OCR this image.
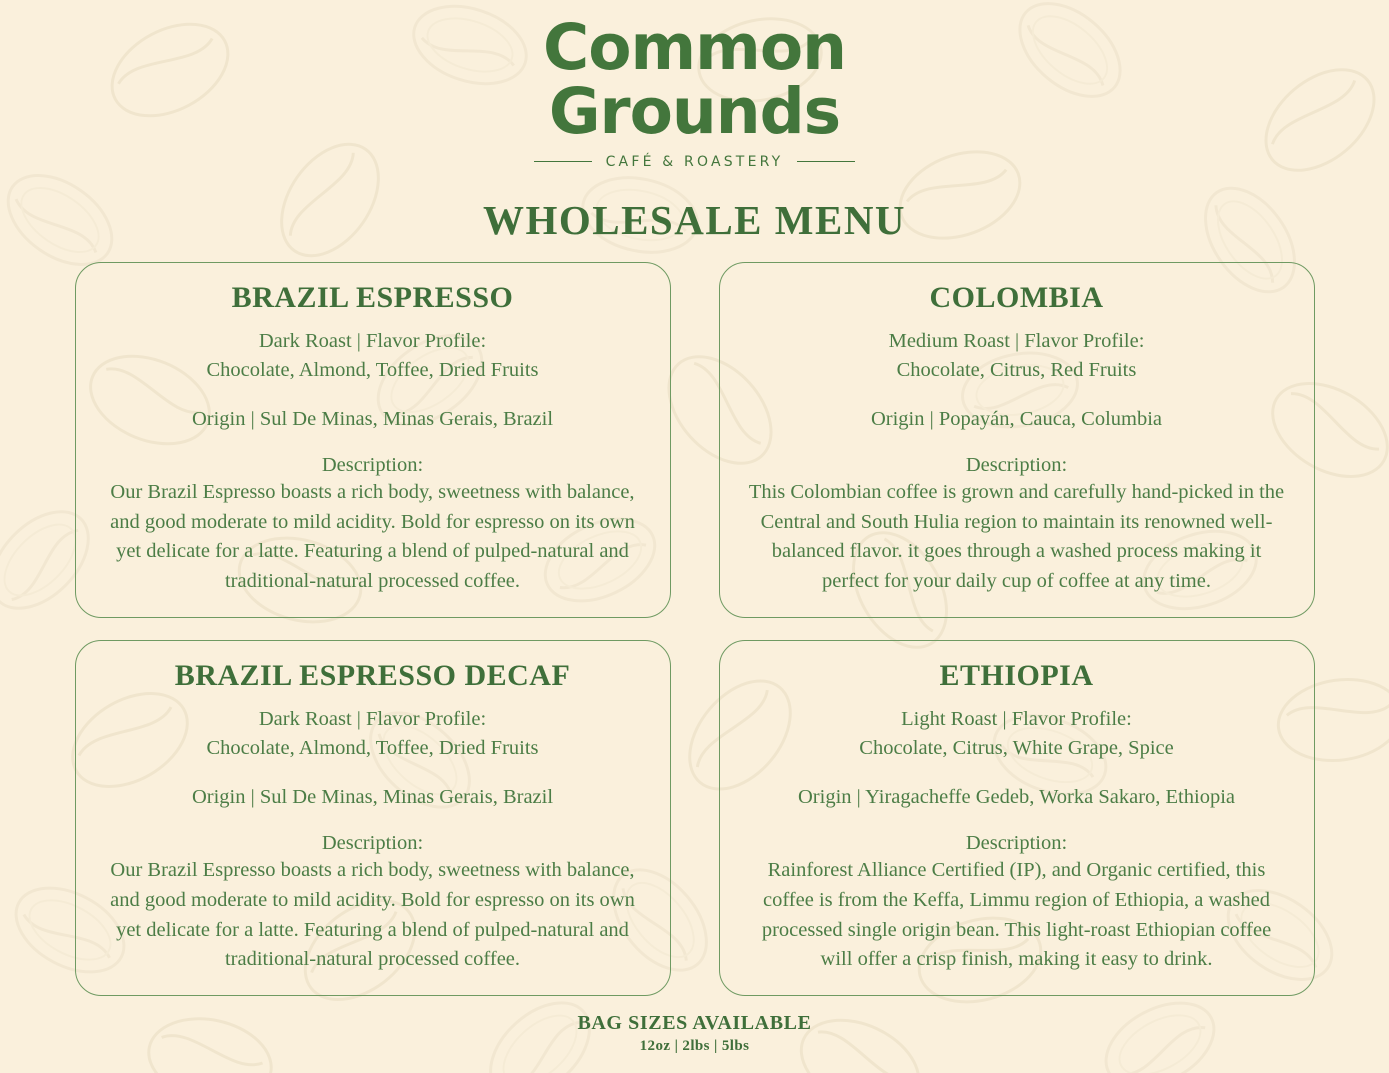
Common
Grounds
CAFÉ & ROASTERY
WHOLESALE MENU
BRAZIL ESPRESSO
Dark Roast | Flavor Profile:
Chocolate, Almond, Toffee, Dried Fruits
Origin | Sul De Minas, Minas Gerais, Brazil
Description:
Our Brazil Espresso boasts a rich body, sweetness with balance, and good moderate to mild acidity. Bold for espresso on its own yet delicate for a latte. Featuring a blend of pulped-natural and traditional-natural processed coffee.
COLOMBIA
Medium Roast | Flavor Profile:
Chocolate, Citrus, Red Fruits
Origin | Popayán, Cauca, Columbia
Description:
This Colombian coffee is grown and carefully hand-picked in the Central and South Hulia region to maintain its renowned well-balanced flavor. it goes through a washed process making it perfect for your daily cup of coffee at any time.
BRAZIL ESPRESSO DECAF
Dark Roast | Flavor Profile:
Chocolate, Almond, Toffee, Dried Fruits
Origin | Sul De Minas, Minas Gerais, Brazil
Description:
Our Brazil Espresso boasts a rich body, sweetness with balance, and good moderate to mild acidity. Bold for espresso on its own yet delicate for a latte. Featuring a blend of pulped-natural and traditional-natural processed coffee.
ETHIOPIA
Light Roast | Flavor Profile:
Chocolate, Citrus, White Grape, Spice
Origin | Yiragacheffe Gedeb, Worka Sakaro, Ethiopia
Description:
Rainforest Alliance Certified (IP), and Organic certified, this coffee is from the Keffa, Limmu region of Ethiopia, a washed processed single origin bean. This light-roast Ethiopian coffee will offer a crisp finish, making it easy to drink.
BAG SIZES AVAILABLE
12oz | 2lbs | 5lbs
